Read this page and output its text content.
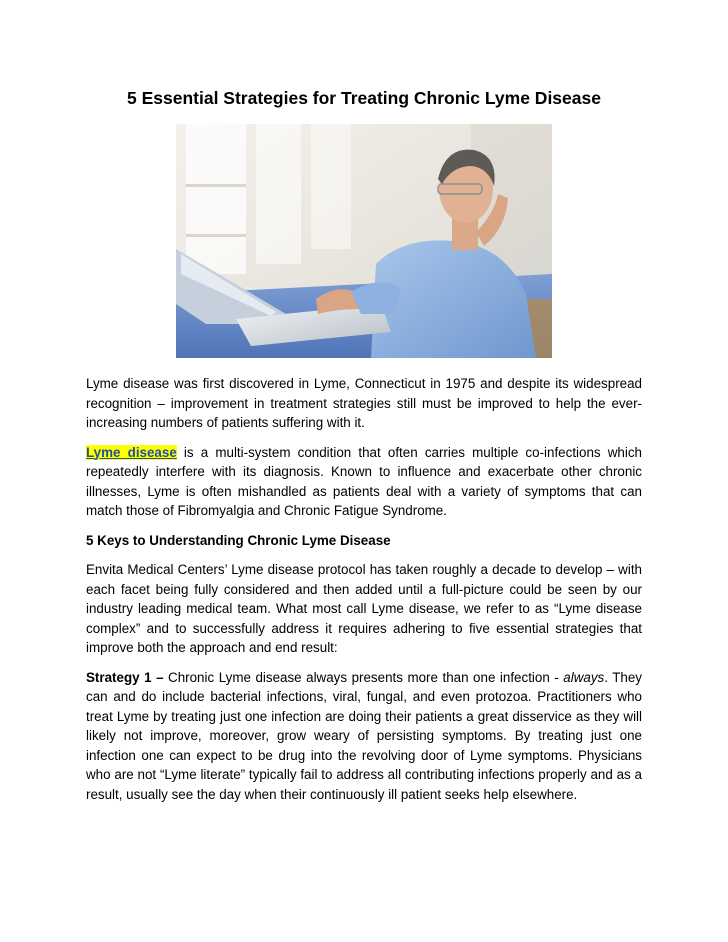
5 Essential Strategies for Treating Chronic Lyme Disease

Lyme disease was first discovered in Lyme, Connecticut in 1975 and despite its widespread recognition – improvement in treatment strategies still must be improved to help the ever-increasing numbers of patients suffering with it.

Lyme disease is a multi-system condition that often carries multiple co-infections which repeatedly interfere with its diagnosis. Known to influence and exacerbate other chronic illnesses, Lyme is often mishandled as patients deal with a variety of symptoms that can match those of Fibromyalgia and Chronic Fatigue Syndrome.

5 Keys to Understanding Chronic Lyme Disease

Envita Medical Centers’ Lyme disease protocol has taken roughly a decade to develop – with each facet being fully considered and then added until a full-picture could be seen by our industry leading medical team. What most call Lyme disease, we refer to as “Lyme disease complex” and to successfully address it requires adhering to five essential strategies that improve both the approach and end result:

Strategy 1 – Chronic Lyme disease always presents more than one infection - always. They can and do include bacterial infections, viral, fungal, and even protozoa. Practitioners who treat Lyme by treating just one infection are doing their patients a great disservice as they will likely not improve, moreover, grow weary of persisting symptoms. By treating just one infection one can expect to be drug into the revolving door of Lyme symptoms. Physicians who are not “Lyme literate” typically fail to address all contributing infections properly and as a result, usually see the day when their continuously ill patient seeks help elsewhere.
